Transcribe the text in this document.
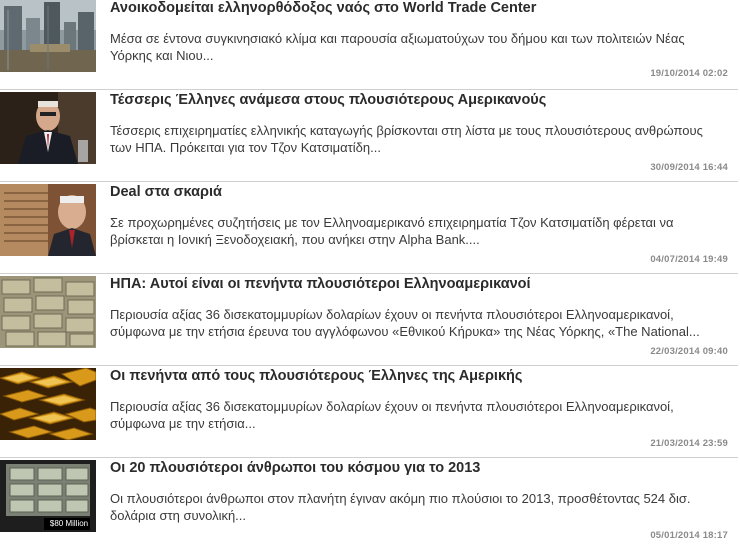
Ανοικοδομείται ελληνορθόδοξος ναός στο World Trade Center
Μέσα σε έντονα συγκινησιακό κλίμα και παρουσία αξιωματούχων του δήμου και των πολιτειών Νέας Υόρκης και Νιου...
19/10/2014 02:02
Τέσσερις Έλληνες ανάμεσα στους πλουσιότερους Αμερικανούς
Τέσσερις επιχειρηματίες ελληνικής καταγωγής βρίσκονται στη λίστα με τους πλουσιότερους ανθρώπους των ΗΠΑ. Πρόκειται για τον Τζον Κατσιματίδη...
30/09/2014 16:44
Deal στα σκαριά
Σε προχωρημένες συζητήσεις με τον Ελληνοαμερικανό επιχειρηματία Τζον Κατσιματίδη φέρεται να βρίσκεται η Ιονική Ξενοδοχειακή, που ανήκει στην Alpha Bank....
04/07/2014 19:49
ΗΠΑ: Αυτοί είναι οι πενήντα πλουσιότεροι Ελληνοαμερικανοί
Περιουσία αξίας 36 δισεκατομμυρίων δολαρίων έχουν οι πενήντα πλουσιότεροι Ελληνοαμερικανοί, σύμφωνα με την ετήσια έρευνα του αγγλόφωνου «Εθνικού Κήρυκα» της Νέας Υόρκης, «The National...
22/03/2014 09:40
Οι πενήντα από τους πλουσιότερους Έλληνες της Αμερικής
Περιουσία αξίας 36 δισεκατομμυρίων δολαρίων έχουν οι πενήντα πλουσιότεροι Ελληνοαμερικανοί, σύμφωνα με την ετήσια...
21/03/2014 23:59
$80 Million
Οι 20 πλουσιότεροι άνθρωποι του κόσμου για το 2013
Οι πλουσιότεροι άνθρωποι στον πλανήτη έγιναν ακόμη πιο πλούσιοι το 2013, προσθέτοντας 524 δισ. δολάρια στη συνολική...
05/01/2014 18:17
